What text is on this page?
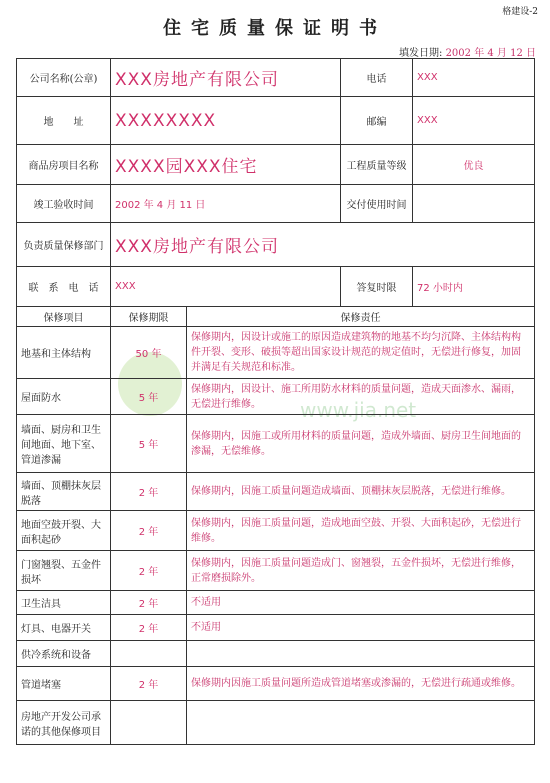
格建设-2
住宅质量保证明书
填发日期: 2002 年 4 月 12 日
www.jia.net
公司名称(公章)	XXX房地产有限公司		电话	XXX
地　　址	XXXXXXXX		邮编	XXX
商品房项目名称	XXXX园XXX住宅		工程质量等级	优良
竣工验收时间	2002 年 4 月 11 日		交付使用时间	
负责质量保修部门	XXX房地产有限公司			
联　系　电　话	XXX		答复时限	72 小时内
保修项目	保修期限	保修责任		
地基和主体结构	50 年	保修期内，因设计或施工的原因造成建筑物的地基不均匀沉降、主体结构构件开裂、变形、破损等超出国家设计规范的规定值时，无偿进行修复，加固并满足有关规范和标准。		
屋面防水	5 年	保修期内，因设计、施工所用防水材料的质量问题，造成天面渗水、漏雨，无偿进行维修。		
墙面、厨房和卫生间地面、地下室、管道渗漏	5 年	保修期内，因施工或所用材料的质量问题，造成外墙面、厨房卫生间地面的渗漏，无偿维修。		
墙面、顶棚抹灰层脱落	2 年	保修期内，因施工质量问题造成墙面、顶棚抹灰层脱落，无偿进行维修。		
地面空鼓开裂、大面积起砂	2 年	保修期内，因施工质量问题，造成地面空鼓、开裂、大面积起砂，无偿进行维修。		
门窗翘裂、五金件损坏	2 年	保修期内，因施工质量问题造成门、窗翘裂，五金件损坏，无偿进行维修，正常磨损除外。		
卫生洁具	2 年	不适用		
灯具、电器开关	2 年	不适用		
供冷系统和设备				
管道堵塞	2 年	保修期内因施工质量问题所造成管道堵塞或渗漏的，无偿进行疏通或维修。		
房地产开发公司承诺的其他保修项目				
